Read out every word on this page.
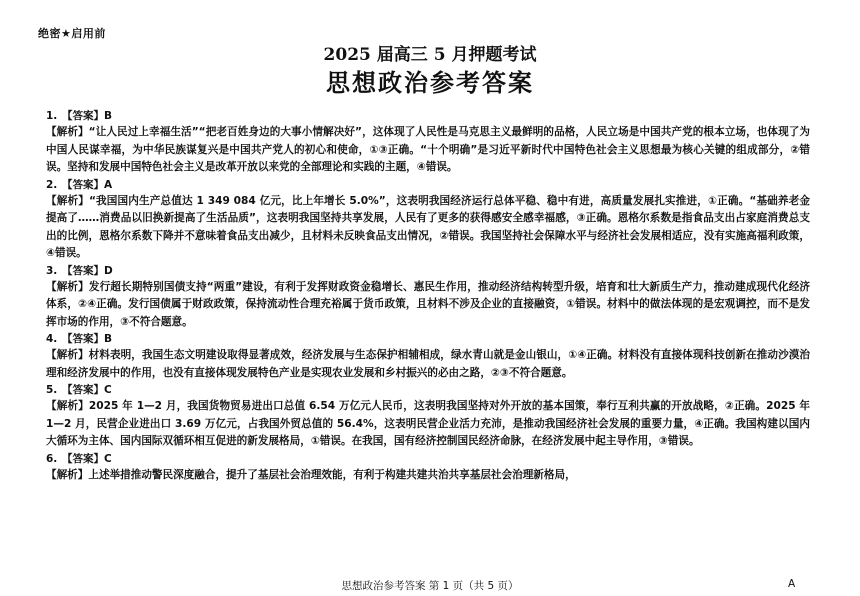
绝密★启用前
2025 届高三 5 月押题考试
思想政治参考答案

1. 【答案】B

【解析】“让人民过上幸福生活”“把老百姓身边的大事小情解决好”，这体现了人民性是马克思主义最鲜明的品格，人民立场是中国共产党的根本立场，也体现了为中国人民谋幸福，为中华民族谋复兴是中国共产党人的初心和使命，①③正确。“十个明确”是习近平新时代中国特色社会主义思想最为核心关键的组成部分，②错误。坚持和发展中国特色社会主义是改革开放以来党的全部理论和实践的主题，④错误。

2. 【答案】A

【解析】“我国国内生产总值达 1 349 084 亿元，比上年增长 5.0%”，这表明我国经济运行总体平稳、稳中有进，高质量发展扎实推进，①正确。“基础养老金提高了……消费品以旧换新提高了生活品质”，这表明我国坚持共享发展，人民有了更多的获得感安全感幸福感，③正确。恩格尔系数是指食品支出占家庭消费总支出的比例，恩格尔系数下降并不意味着食品支出减少，且材料未反映食品支出情况，②错误。我国坚持社会保障水平与经济社会发展相适应，没有实施高福利政策，④错误。

3. 【答案】D

【解析】发行超长期特别国债支持“两重”建设，有利于发挥财政资金稳增长、惠民生作用，推动经济结构转型升级，培育和壮大新质生产力，推动建成现代化经济体系，②④正确。发行国债属于财政政策，保持流动性合理充裕属于货币政策，且材料不涉及企业的直接融资，①错误。材料中的做法体现的是宏观调控，而不是发挥市场的作用，③不符合题意。

4. 【答案】B

【解析】材料表明，我国生态文明建设取得显著成效，经济发展与生态保护相辅相成，绿水青山就是金山银山，①④正确。材料没有直接体现科技创新在推动沙漠治理和经济发展中的作用，也没有直接体现发展特色产业是实现农业发展和乡村振兴的必由之路，②③不符合题意。

5. 【答案】C

【解析】2025 年 1—2 月，我国货物贸易进出口总值 6.54 万亿元人民币，这表明我国坚持对外开放的基本国策，奉行互利共赢的开放战略，②正确。2025 年 1—2 月，民营企业进出口 3.69 万亿元，占我国外贸总值的 56.4%，这表明民营企业活力充沛，是推动我国经济社会发展的重要力量，④正确。我国构建以国内大循环为主体、国内国际双循环相互促进的新发展格局，①错误。在我国，国有经济控制国民经济命脉，在经济发展中起主导作用，③错误。

6. 【答案】C

【解析】上述举措推动警民深度融合，提升了基层社会治理效能，有利于构建共建共治共享基层社会治理新格局，

思想政治参考答案 第 1 页（共 5 页）	A
